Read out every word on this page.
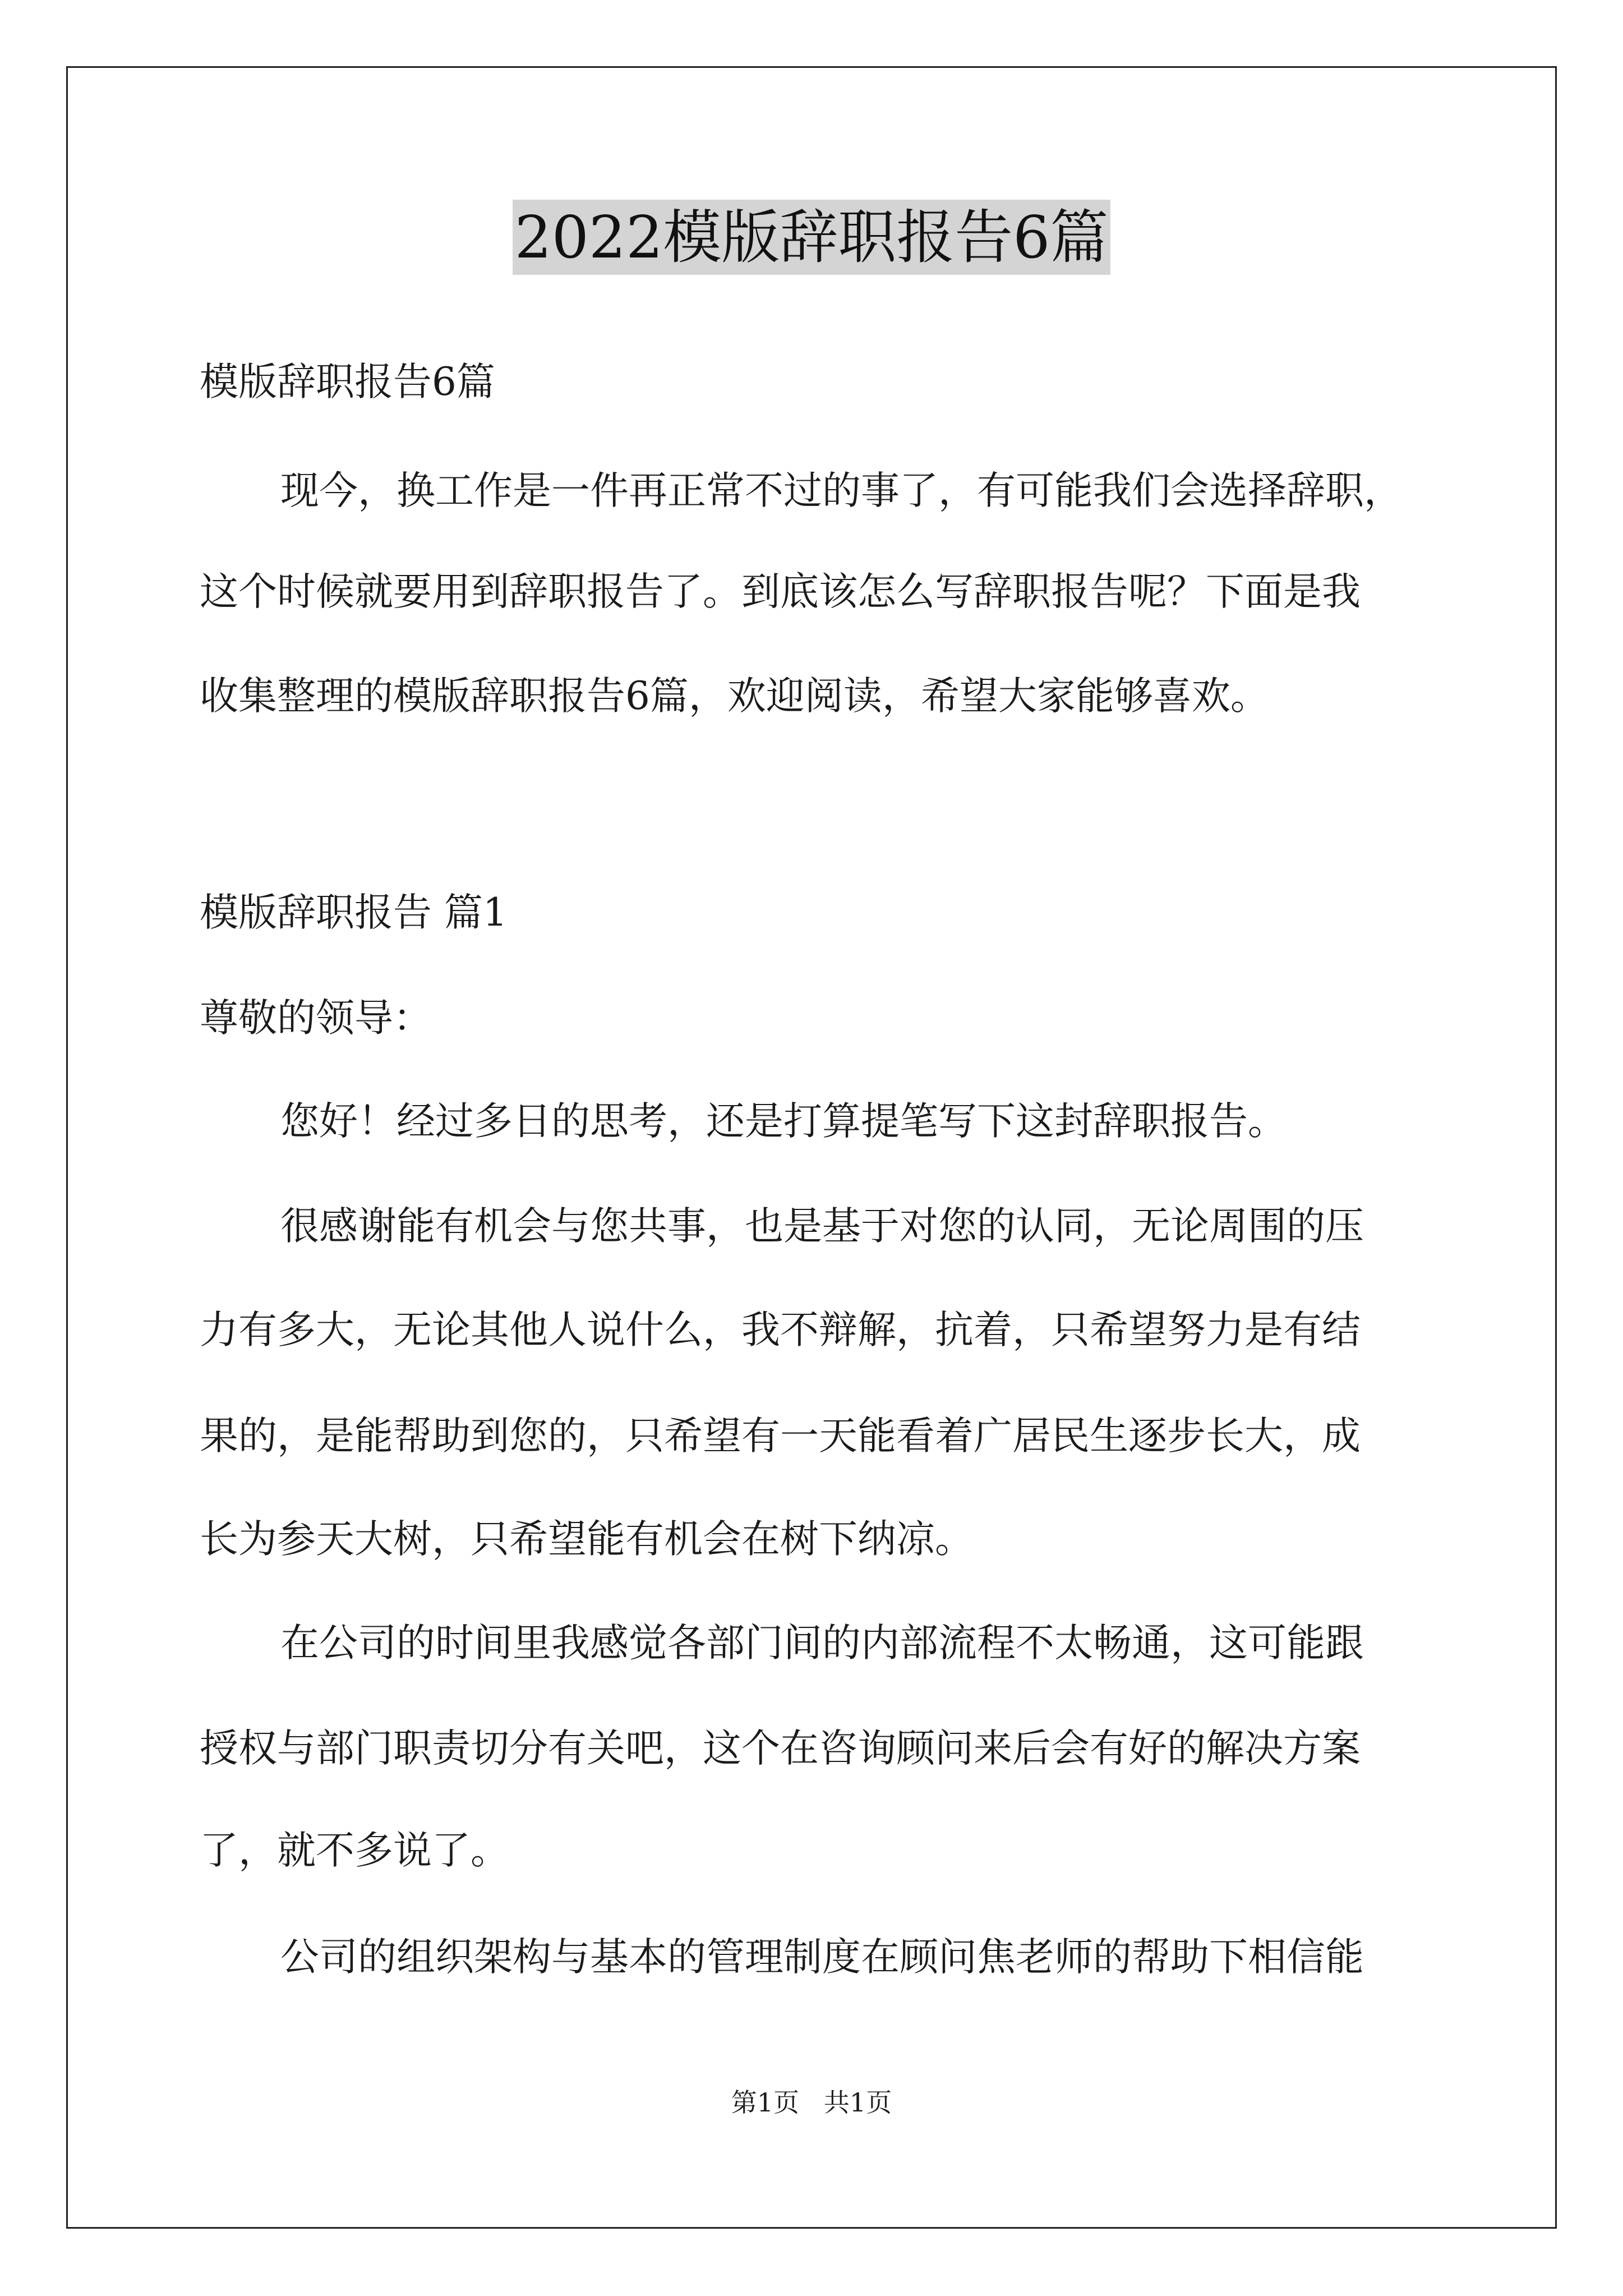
2022模版辞职报告6篇
模版辞职报告6篇
现今，换工作是一件再正常不过的事了，有可能我们会选择辞职，
这个时候就要用到辞职报告了。到底该怎么写辞职报告呢？下面是我
收集整理的模版辞职报告6篇，欢迎阅读，希望大家能够喜欢。
模版辞职报告 篇1
尊敬的领导：
您好！经过多日的思考，还是打算提笔写下这封辞职报告。
很感谢能有机会与您共事，也是基于对您的认同，无论周围的压
力有多大，无论其他人说什么，我不辩解，抗着，只希望努力是有结
果的，是能帮助到您的，只希望有一天能看着广居民生逐步长大，成
长为参天大树，只希望能有机会在树下纳凉。
在公司的时间里我感觉各部门间的内部流程不太畅通，这可能跟
授权与部门职责切分有关吧，这个在咨询顾问来后会有好的解决方案
了，就不多说了。
公司的组织架构与基本的管理制度在顾问焦老师的帮助下相信能
第1页   共1页
